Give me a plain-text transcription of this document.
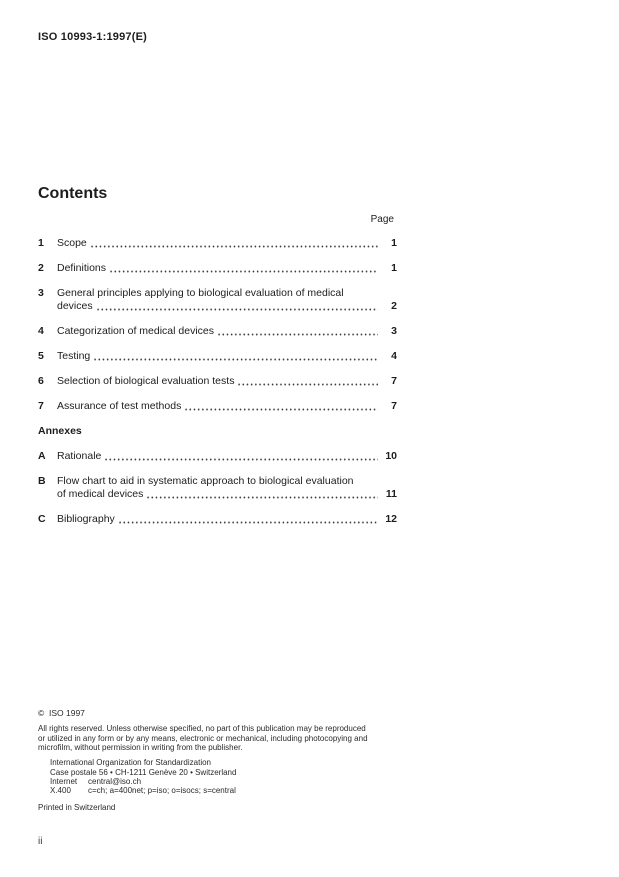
ISO 10993-1:1997(E)
Contents
Page
1	Scope	1
2	Definitions	1
3	General principles applying to biological evaluation of medical
devices	2
4	Categorization of medical devices	3
5	Testing	4
6	Selection of biological evaluation tests	7
7	Assurance of test methods	7
Annexes
A	Rationale	10
B	Flow chart to aid in systematic approach to biological evaluation
of medical devices	11
C	Bibliography	12
©  ISO 1997
All rights reserved. Unless otherwise specified, no part of this publication may be reproduced
or utilized in any form or by any means, electronic or mechanical, including photocopying and
microfilm, without permission in writing from the publisher.
International Organization for Standardization
Case postale 56 • CH-1211 Genève 20 • Switzerland
Internet	central@iso.ch
X.400	c=ch; a=400net; p=iso; o=isocs; s=central
Printed in Switzerland
ii
